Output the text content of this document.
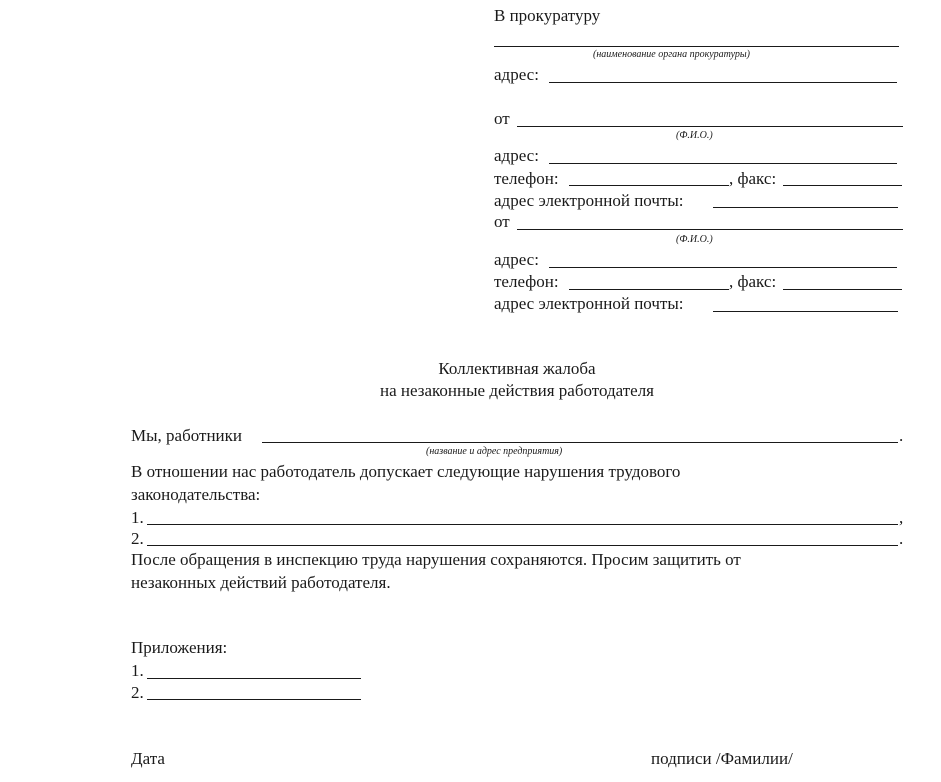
В прокуратуру
(наименование органа прокуратуры)
адрес:
от
(Ф.И.О.)
адрес:
телефон:	, факс:
адрес электронной почты:
от
(Ф.И.О.)
адрес:
телефон:	, факс:
адрес электронной почты:
Коллективная жалоба
на незаконные действия работодателя
Мы, работники	.
(название и адрес предприятия)
В отношении нас работодатель допускает следующие нарушения трудового
законодательства:
1.	,
2.	.
После обращения в инспекцию труда нарушения сохраняются. Просим защитить от
незаконных действий работодателя.
Приложения:
1.
2.
Дата	подписи /Фамилии/
